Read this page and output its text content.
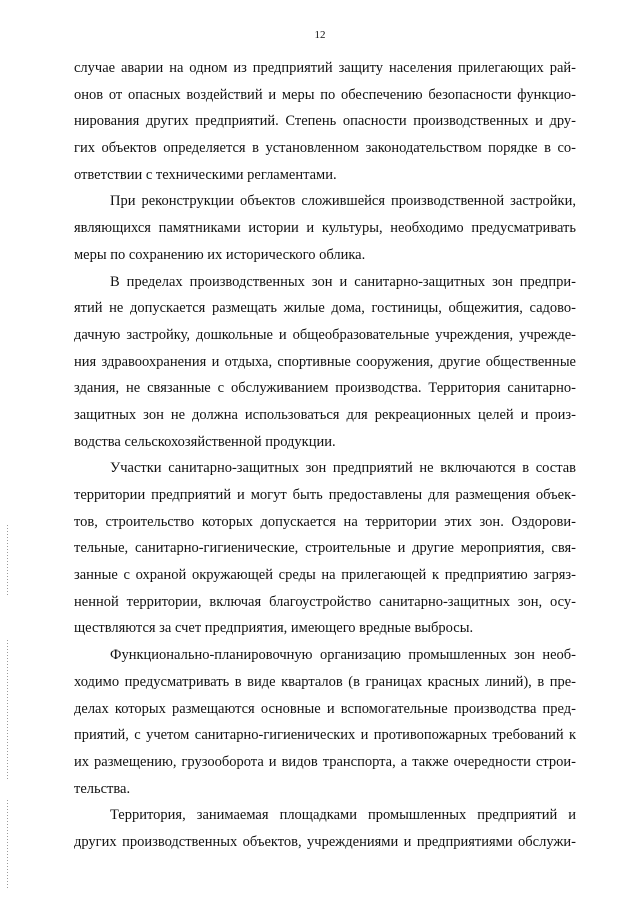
12
случае аварии на одном из предприятий защиту населения прилегающих рай-
онов от опасных воздействий и меры по обеспечению безопасности функцио-
нирования других предприятий. Степень опасности производственных и дру-
гих объектов определяется в установленном законодательством порядке в со-
ответствии с техническими регламентами.
При реконструкции объектов сложившейся производственной застройки,
являющихся памятниками истории и культуры, необходимо предусматривать
меры по сохранению их исторического облика.
В пределах производственных зон и санитарно-защитных зон предпри-
ятий не допускается размещать жилые дома, гостиницы, общежития, садово-
дачную застройку, дошкольные и общеобразовательные учреждения, учрежде-
ния здравоохранения и отдыха, спортивные сооружения, другие общественные
здания, не связанные с обслуживанием производства. Территория санитарно-
защитных зон не должна использоваться для рекреационных целей и произ-
водства сельскохозяйственной продукции.
Участки санитарно-защитных зон предприятий не включаются в состав
территории предприятий и могут быть предоставлены для размещения объек-
тов, строительство которых допускается на территории этих зон. Оздорови-
тельные, санитарно-гигиенические, строительные и другие мероприятия, свя-
занные с охраной окружающей среды на прилегающей к предприятию загряз-
ненной территории, включая благоустройство санитарно-защитных зон, осу-
ществляются за счет предприятия, имеющего вредные выбросы.
Функционально-планировочную организацию промышленных зон необ-
ходимо предусматривать в виде кварталов (в границах красных линий), в пре-
делах которых размещаются основные и вспомогательные производства пред-
приятий, с учетом санитарно-гигиенических и противопожарных требований к
их размещению, грузооборота и видов транспорта, а также очередности строи-
тельства.
Территория, занимаемая площадками промышленных предприятий и
других производственных объектов, учреждениями и предприятиями обслужи-
